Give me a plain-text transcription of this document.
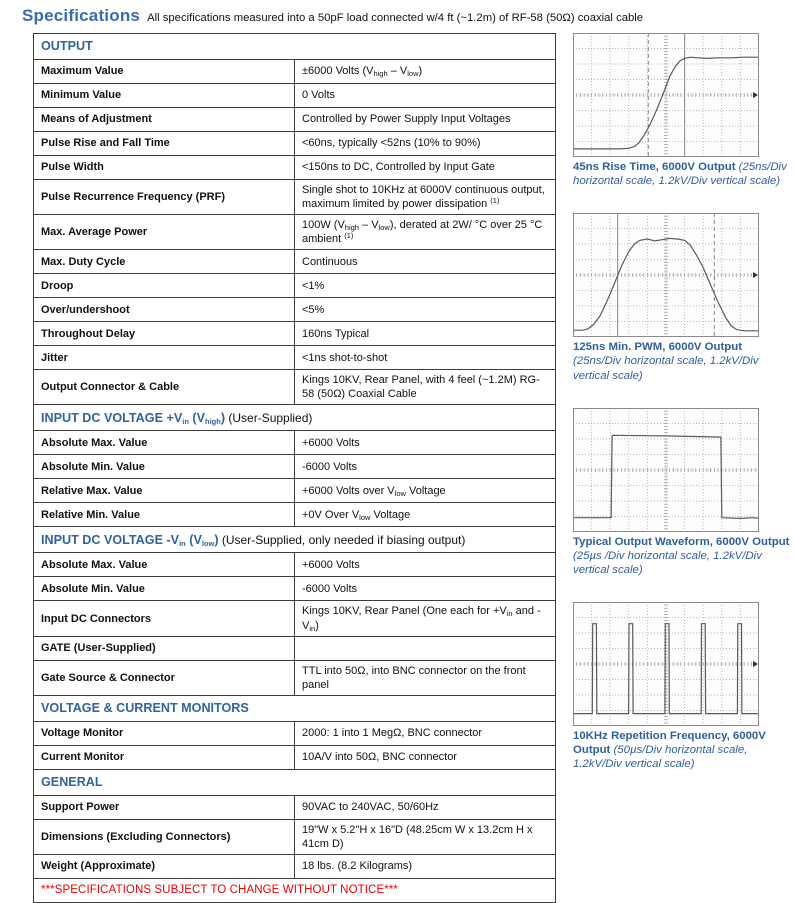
Specifications All specifications measured into a 50pF load connected w/4 ft (~1.2m) of RF-58 (50Ω) coaxial cable
OUTPUT	
Maximum Value	±6000 Volts $(V_{high} - V_{low})$
Minimum Value	0 Volts
Means of Adjustment	Controlled by Power Supply Input Voltages
Pulse Rise and Fall Time	<60ns, typically <52ns (10% to 90%)
Pulse Width	<150ns to DC, Controlled by Input Gate
Pulse Recurrence Frequency (PRF)	Single shot to 10KHz at 6000V continuous output, maximum limited by power dissipation $^{(1)}$
Max. Average Power	100W $(V_{high} - V_{low})$, derated at 2W/ °C over 25 °C ambient $^{(1)}$
Max. Duty Cycle	Continuous
Droop	<1%
Over/undershoot	<5%
Throughout Delay	160ns Typical
Jitter	<1ns shot-to-shot
Output Connector & Cable	Kings 10KV, Rear Panel, with 4 feel (~1.2M) RG-58 (50Ω) Coaxial Cable
INPUT DC VOLTAGE $+V_{in}$ $(V_{high})$ (User-Supplied)	
Absolute Max. Value	+6000 Volts
Absolute Min. Value	-6000 Volts
Relative Max. Value	+6000 Volts over $V_{low}$ Voltage
Relative Min. Value	+0V Over $V_{low}$ Voltage
INPUT DC VOLTAGE $-V_{in}$ $(V_{low})$ (User-Supplied, only needed if biasing output)	
Absolute Max. Value	+6000 Volts
Absolute Min. Value	-6000 Volts
Input DC Connectors	Kings 10KV, Rear Panel (One each for $+V_{in}$ and $-V_{in}$)
GATE (User-Supplied)	
Gate Source & Connector	TTL into 50Ω, into BNC connector on the front panel
VOLTAGE & CURRENT MONITORS	
Voltage Monitor	2000: 1 into 1 MegΩ, BNC connector
Current Monitor	10A/V into 50Ω, BNC connector
GENERAL	
Support Power	90VAC to 240VAC, 50/60Hz
Dimensions (Excluding Connectors)	19"W x 5.2"H x 16"D (48.25cm W x 13.2cm H x 41cm D)
Weight (Approximate)	18 lbs. (8.2 Kilograms)
***SPECIFICATIONS SUBJECT TO CHANGE WITHOUT NOTICE***	
45ns Rise Time, 6000V Output (25ns/Div horizontal scale, 1.2kV/Div vertical scale)
125ns Min. PWM, 6000V Output (25ns/Div horizontal scale, 1.2kV/Div vertical scale)
Typical Output Waveform, 6000V Output (25µs /Div horizontal scale, 1.2kV/Div vertical scale)
10KHz Repetition Frequency, 6000V Output (50µs/Div horizontal scale, 1.2kV/Div vertical scale)
